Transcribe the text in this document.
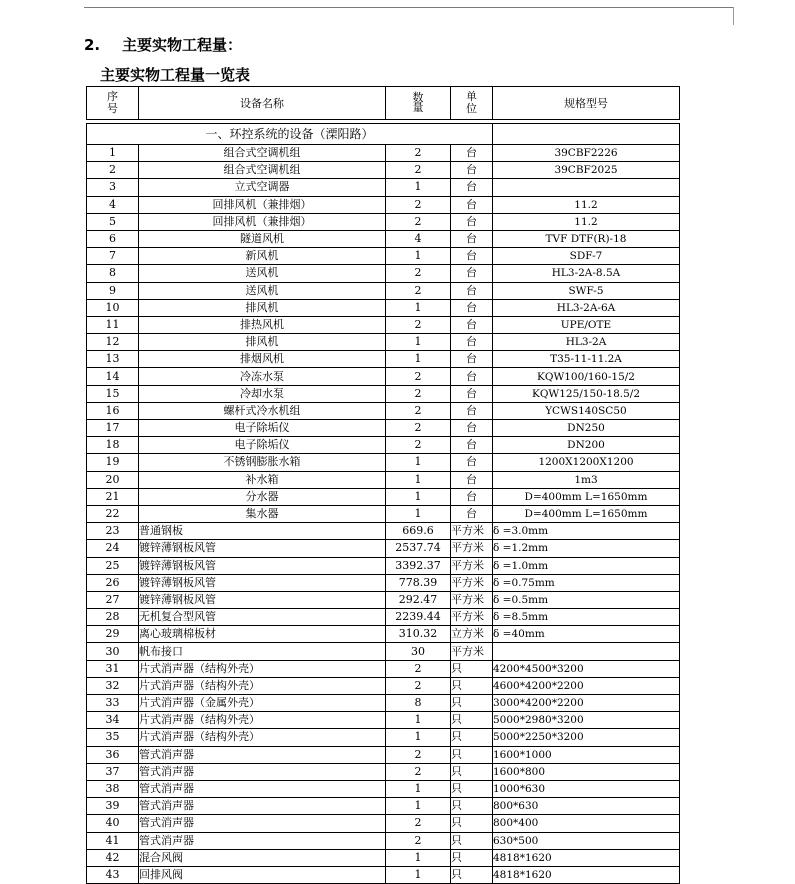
2. 主要实物工程量：
主要实物工程量一览表
序号	设备名称	数量	单位	规格型号

一、环控系统的设备（溧阳路）				
1	组合式空调机组	2	台	39CBF2226
2	组合式空调机组	2	台	39CBF2025
3	立式空调器	1	台	
4	回排风机（兼排烟）	2	台	11.2
5	回排风机（兼排烟）	2	台	11.2
6	隧道风机	4	台	TVF DTF(R)-18
7	新风机	1	台	SDF-7
8	送风机	2	台	HL3-2A-8.5A
9	送风机	2	台	SWF-5
10	排风机	1	台	HL3-2A-6A
11	排热风机	2	台	UPE/OTE
12	排风机	1	台	HL3-2A
13	排烟风机	1	台	T35-11-11.2A
14	冷冻水泵	2	台	KQW100/160-15/2
15	冷却水泵	2	台	KQW125/150-18.5/2
16	螺杆式冷水机组	2	台	YCWS140SC50
17	电子除垢仪	2	台	DN250
18	电子除垢仪	2	台	DN200
19	不锈钢膨胀水箱	1	台	1200X1200X1200
20	补水箱	1	台	1m3
21	分水器	1	台	D=400mm L=1650mm
22	集水器	1	台	D=400mm L=1650mm
23	普通钢板	669.6	平方米	δ =3.0mm
24	镀锌薄钢板风管	2537.74	平方米	δ =1.2mm
25	镀锌薄钢板风管	3392.37	平方米	δ =1.0mm
26	镀锌薄钢板风管	778.39	平方米	δ =0.75mm
27	镀锌薄钢板风管	292.47	平方米	δ =0.5mm
28	无机复合型风管	2239.44	平方米	δ =8.5mm
29	离心玻璃棉板材	310.32	立方米	δ =40mm
30	帆布接口	30	平方米	
31	片式消声器（结构外壳）	2	只	4200*4500*3200
32	片式消声器（结构外壳）	2	只	4600*4200*2200
33	片式消声器（金属外壳）	8	只	3000*4200*2200
34	片式消声器（结构外壳）	1	只	5000*2980*3200
35	片式消声器（结构外壳）	1	只	5000*2250*3200
36	管式消声器	2	只	1600*1000
37	管式消声器	2	只	1600*800
38	管式消声器	1	只	1000*630
39	管式消声器	1	只	800*630
40	管式消声器	2	只	800*400
41	管式消声器	2	只	630*500
42	混合风阀	1	只	4818*1620
43	回排风阀	1	只	4818*1620
